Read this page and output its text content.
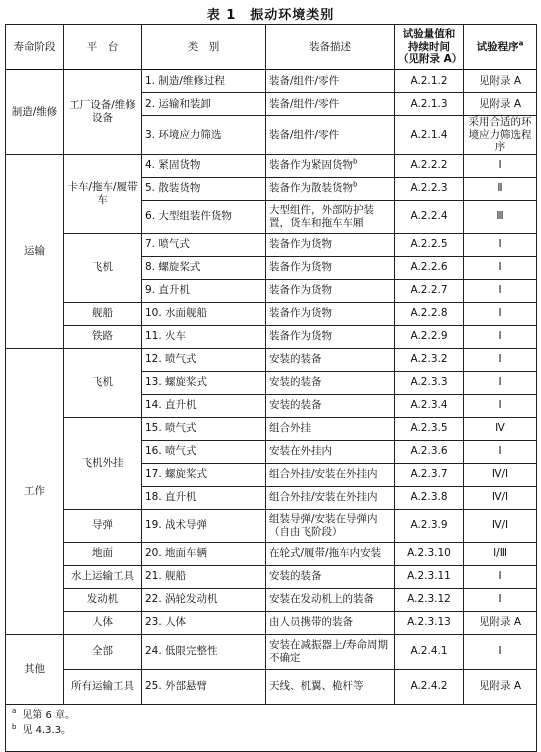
表 1　振动环境类别
寿命阶段	平　台	类　别	装备描述	试验量值和持续时间（见附录 A）	试验程序$^a$
制造/维修	工厂设备/维修设备	1. 制造/维修过程	装备/组件/零件	A.2.1.2	见附录 A
		2. 运输和装卸	装备/组件/零件	A.2.1.3	见附录 A
		3. 环境应力筛选	装备/组件/零件	A.2.1.4	采用合适的环境应力筛选程序
运输	卡车/拖车/履带车	4. 紧固货物	装备作为紧固货物$^b$	A.2.2.2	Ⅰ
		5. 散装货物	装备作为散装货物$^b$	A.2.2.3	Ⅱ
		6. 大型组装件货物	大型组件，外部防护装置，货车和拖车车厢	A.2.2.4	Ⅲ
	飞机	7. 喷气式	装备作为货物	A.2.2.5	Ⅰ
		8. 螺旋桨式	装备作为货物	A.2.2.6	Ⅰ
		9. 直升机	装备作为货物	A.2.2.7	Ⅰ
	舰船	10. 水面舰船	装备作为货物	A.2.2.8	Ⅰ
	铁路	11. 火车	装备作为货物	A.2.2.9	Ⅰ
工作	飞机	12. 喷气式	安装的装备	A.2.3.2	Ⅰ
		13. 螺旋桨式	安装的装备	A.2.3.3	Ⅰ
		14. 直升机	安装的装备	A.2.3.4	Ⅰ
	飞机外挂	15. 喷气式	组合外挂	A.2.3.5	Ⅳ
		16. 喷气式	安装在外挂内	A.2.3.6	Ⅰ
		17. 螺旋桨式	组合外挂/安装在外挂内	A.2.3.7	Ⅳ/Ⅰ
		18. 直升机	组合外挂/安装在外挂内	A.2.3.8	Ⅳ/Ⅰ
	导弹	19. 战术导弹	组装导弹/安装在导弹内（自由飞阶段）	A.2.3.9	Ⅳ/Ⅰ
	地面	20. 地面车辆	在轮式/履带/拖车内安装	A.2.3.10	Ⅰ/Ⅲ
	水上运输工具	21. 舰船	安装的装备	A.2.3.11	Ⅰ
	发动机	22. 涡轮发动机	安装在发动机上的装备	A.2.3.12	Ⅰ
	人体	23. 人体	由人员携带的装备	A.2.3.13	见附录 A
其他	全部	24. 低限完整性	安装在减振器上/寿命周期不确定	A.2.4.1	Ⅰ
	所有运输工具	25. 外部悬臂	天线、机翼、桅杆等	A.2.4.2	见附录 A

$^a$ 见第 6 章。
$^b$ 见 4.3.3。					
